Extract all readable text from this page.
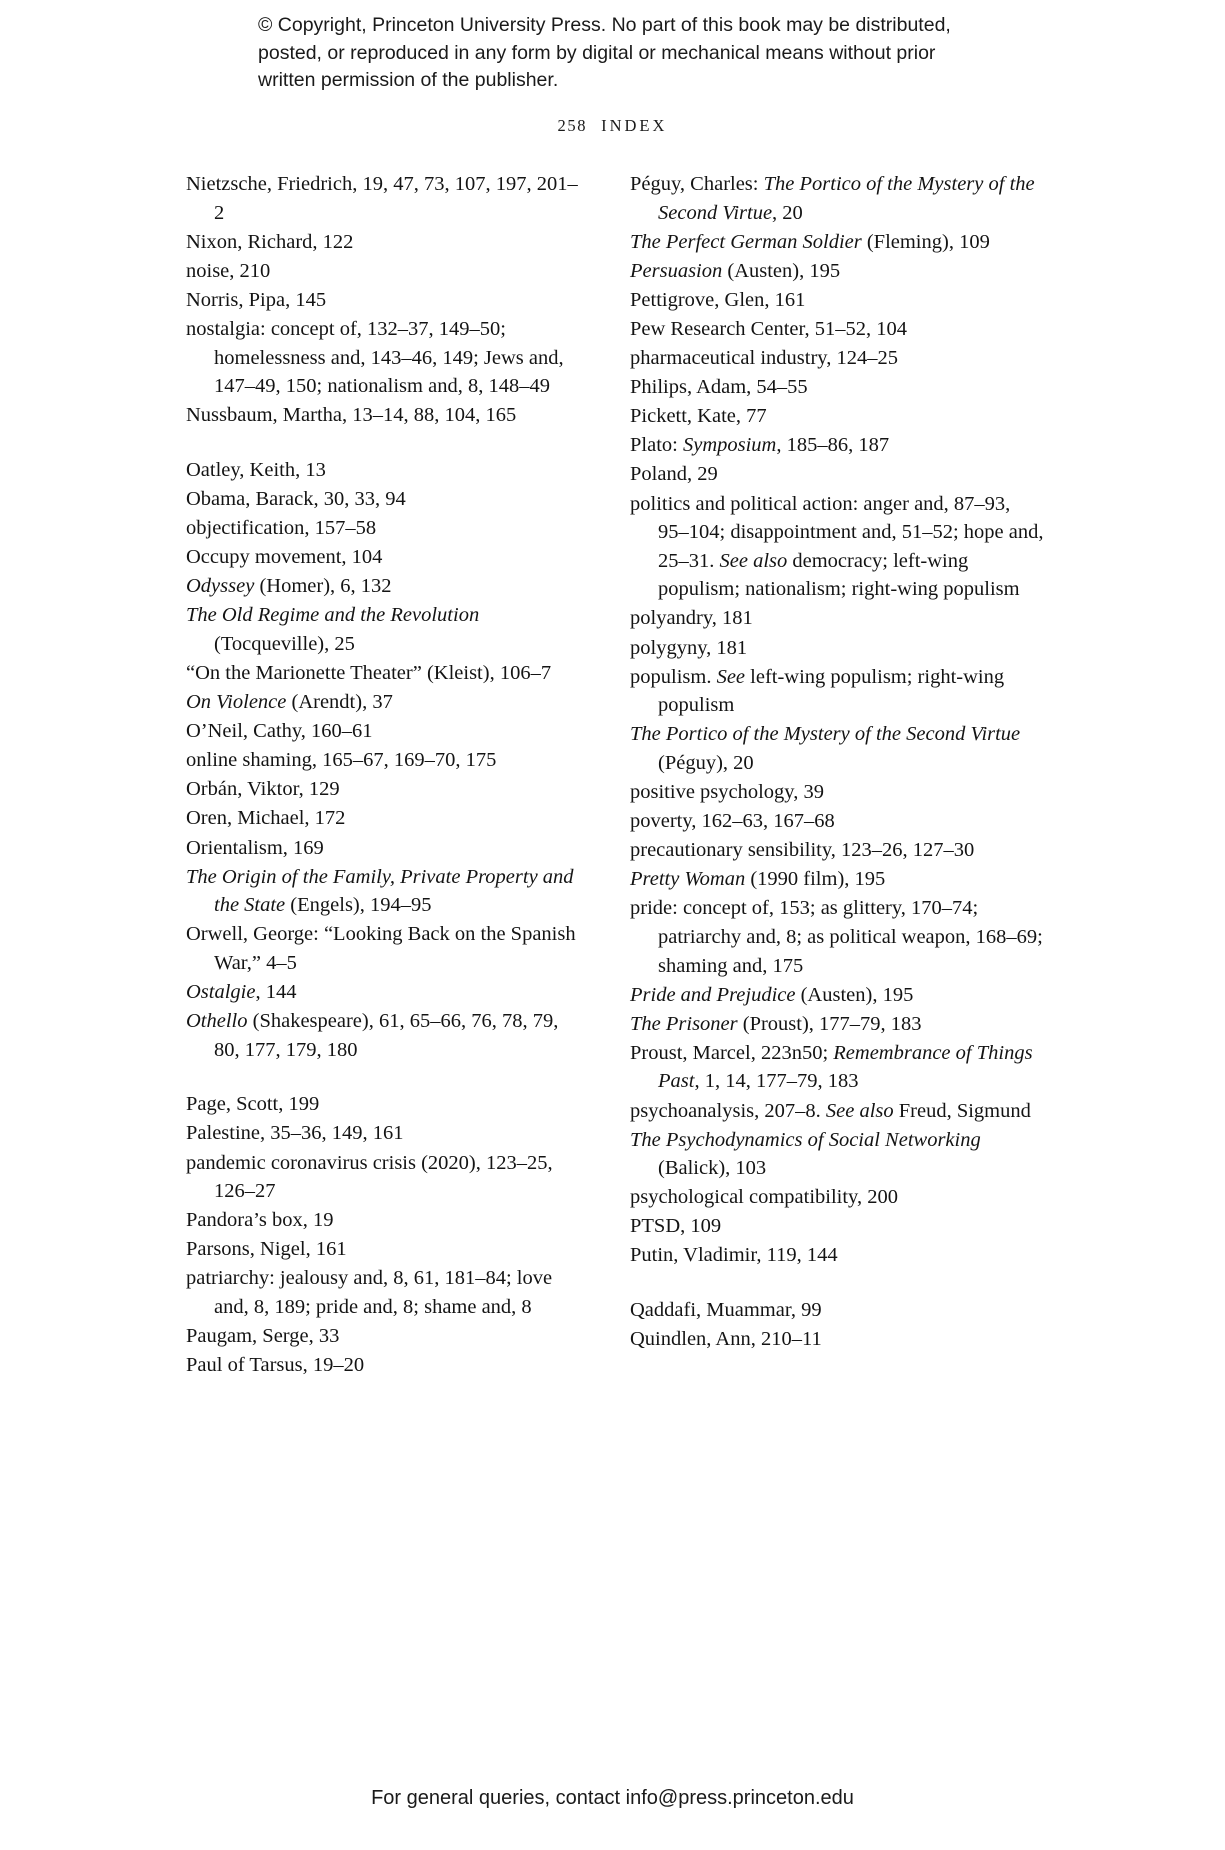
© Copyright, Princeton University Press. No part of this book may be distributed, posted, or reproduced in any form by digital or mechanical means without prior written permission of the publisher.
258 INDEX

Nietzsche, Friedrich, 19, 47, 73, 107, 197, 201–2

Nixon, Richard, 122

noise, 210

Norris, Pipa, 145

nostalgia: concept of, 132–37, 149–50; homelessness and, 143–46, 149; Jews and, 147–49, 150; nationalism and, 8, 148–49

Nussbaum, Martha, 13–14, 88, 104, 165

Oatley, Keith, 13

Obama, Barack, 30, 33, 94

objectification, 157–58

Occupy movement, 104

Odyssey (Homer), 6, 132

The Old Regime and the Revolution (Tocqueville), 25

“On the Marionette Theater” (Kleist), 106–7

On Violence (Arendt), 37

O’Neil, Cathy, 160–61

online shaming, 165–67, 169–70, 175

Orbán, Viktor, 129

Oren, Michael, 172

Orientalism, 169

The Origin of the Family, Private Property and the State (Engels), 194–95

Orwell, George: “Looking Back on the Spanish War,” 4–5

Ostalgie, 144

Othello (Shakespeare), 61, 65–66, 76, 78, 79, 80, 177, 179, 180

Page, Scott, 199

Palestine, 35–36, 149, 161

pandemic coronavirus crisis (2020), 123–25, 126–27

Pandora’s box, 19

Parsons, Nigel, 161

patriarchy: jealousy and, 8, 61, 181–84; love and, 8, 189; pride and, 8; shame and, 8

Paugam, Serge, 33

Paul of Tarsus, 19–20

Péguy, Charles: The Portico of the Mystery of the Second Virtue, 20

The Perfect German Soldier (Fleming), 109

Persuasion (Austen), 195

Pettigrove, Glen, 161

Pew Research Center, 51–52, 104

pharmaceutical industry, 124–25

Philips, Adam, 54–55

Pickett, Kate, 77

Plato: Symposium, 185–86, 187

Poland, 29

politics and political action: anger and, 87–93, 95–104; disappointment and, 51–52; hope and, 25–31. See also democracy; left-wing populism; nationalism; right-wing populism

polyandry, 181

polygyny, 181

populism. See left-wing populism; right-wing populism

The Portico of the Mystery of the Second Virtue (Péguy), 20

positive psychology, 39

poverty, 162–63, 167–68

precautionary sensibility, 123–26, 127–30

Pretty Woman (1990 film), 195

pride: concept of, 153; as glittery, 170–74; patriarchy and, 8; as political weapon, 168–69; shaming and, 175

Pride and Prejudice (Austen), 195

The Prisoner (Proust), 177–79, 183

Proust, Marcel, 223n50; Remembrance of Things Past, 1, 14, 177–79, 183

psychoanalysis, 207–8. See also Freud, Sigmund

The Psychodynamics of Social Networking (Balick), 103

psychological compatibility, 200

PTSD, 109

Putin, Vladimir, 119, 144

Qaddafi, Muammar, 99

Quindlen, Ann, 210–11

For general queries, contact info@press.princeton.edu
